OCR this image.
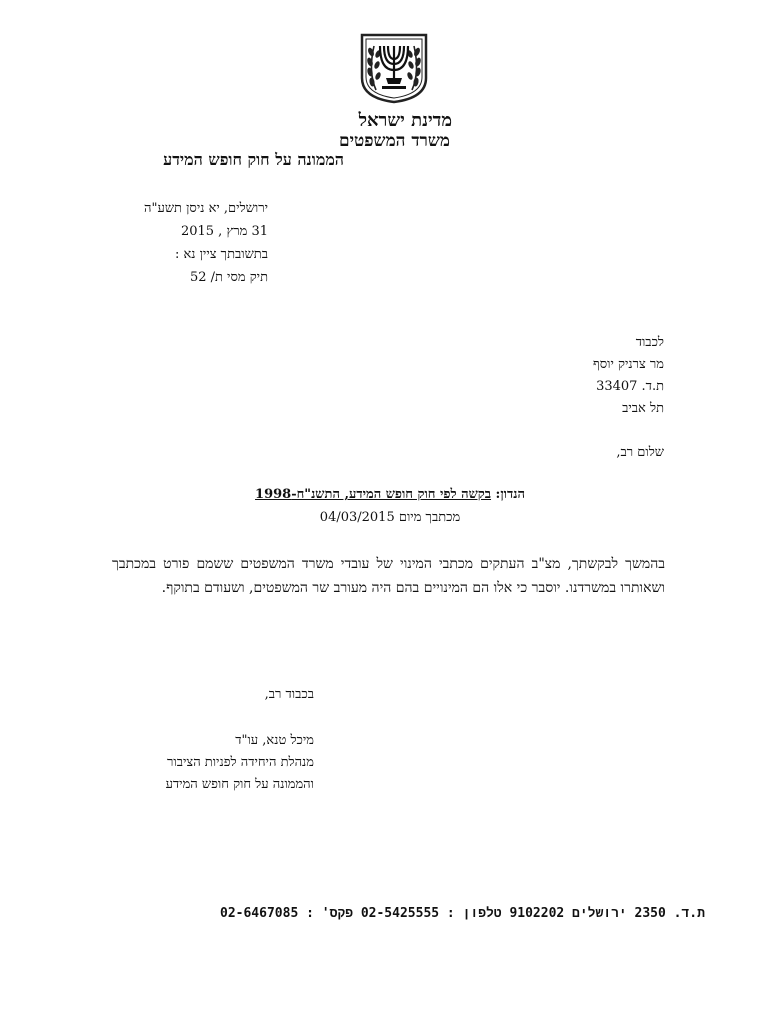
מדינת ישראל
משרד המשפטים
הממונה על חוק חופש המידע
ירושלים, יא ניסן תשע"ה
31 מרץ , 2015
בתשובתך ציין נא :
תיק מסי ת/ 52
לכבוד
מר צרניק יוסף
ת.ד. 33407
תל אביב
שלום רב,
הנדון: בקשה לפי חוק חופש המידע, התשנ"ח-1998
מכתבך מיום 04/03/2015
בהמשך לבקשתך, מצ"ב העתקים מכתבי המינוי של עובדי משרד המשפטים ששמם פורט במכתבך ושאותרו במשרדנו. יוסבר כי אלו הם המינויים בהם היה מעורב שר המשפטים, ושעודם בתוקף.
בכבוד רב,
מיכל טנא, עו"ד
מנהלת היחידה לפניות הציבור
והממונה על חוק חופש המידע
ת.ד. 2350 ירושלים 9102202 טלפון : 02-5425555 פקס' : 02-6467085
